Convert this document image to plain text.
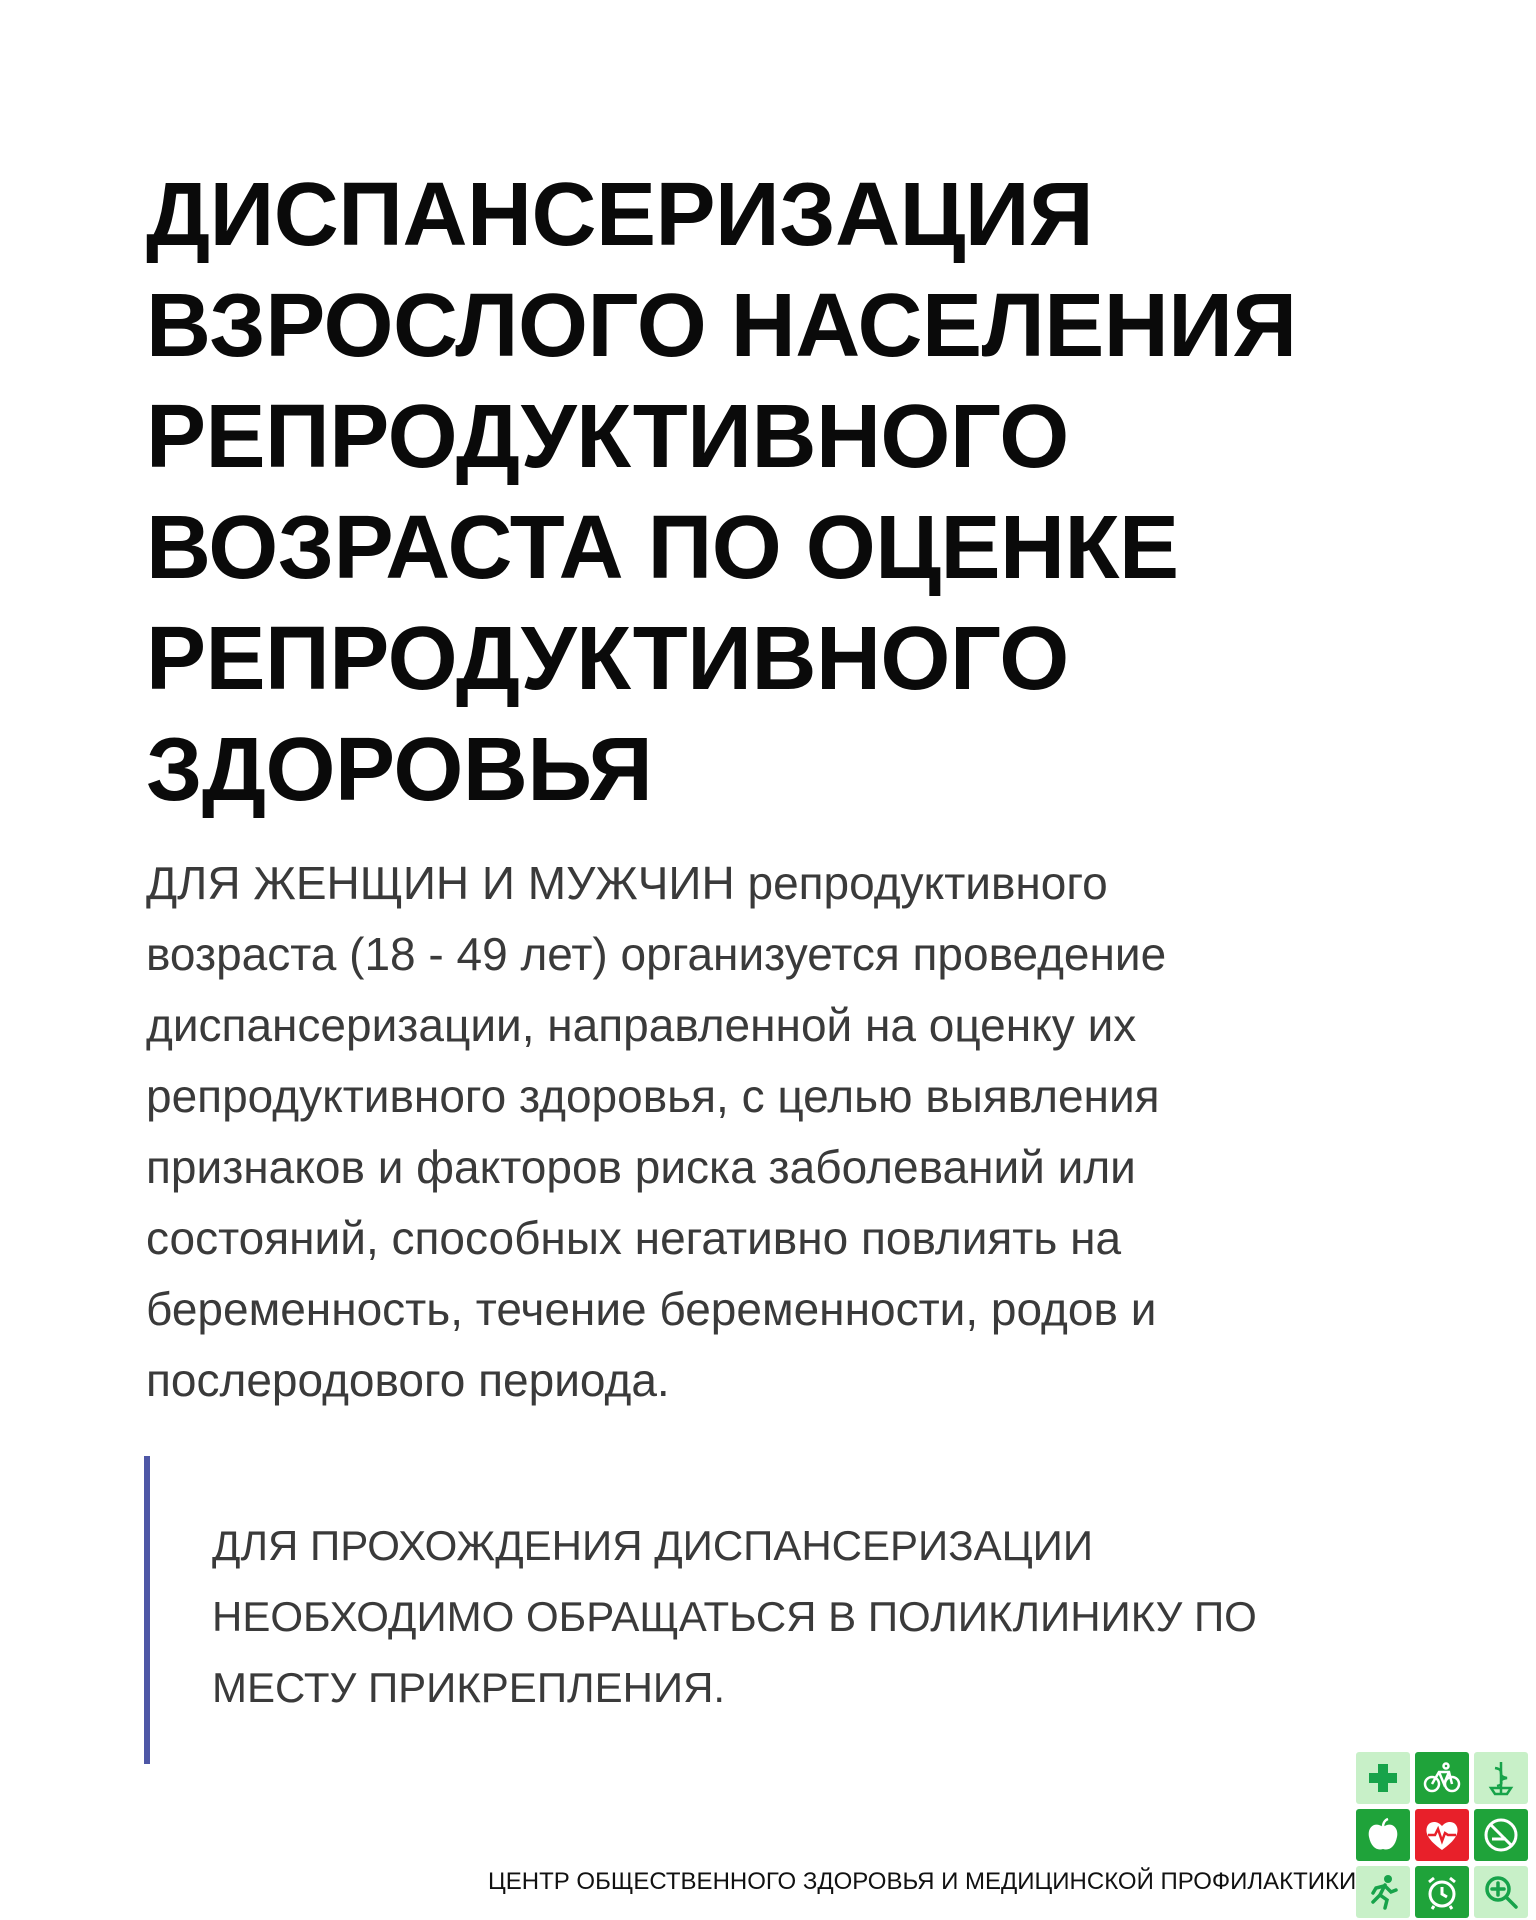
ДИСПАНСЕРИЗАЦИЯ
ВЗРОСЛОГО НАСЕЛЕНИЯ
РЕПРОДУКТИВНОГО
ВОЗРАСТА ПО ОЦЕНКЕ
РЕПРОДУКТИВНОГО
ЗДОРОВЬЯ

ДЛЯ ЖЕНЩИН И МУЖЧИН репродуктивного
возраста (18 - 49 лет) организуется проведение
диспансеризации, направленной на оценку их
репродуктивного здоровья, с целью выявления
признаков и факторов риска заболеваний или
состояний, способных негативно повлиять на
беременность, течение беременности, родов и
послеродового периода.

ДЛЯ ПРОХОЖДЕНИЯ ДИСПАНСЕРИЗАЦИИ
НЕОБХОДИМО ОБРАЩАТЬСЯ В ПОЛИКЛИНИКУ ПО
МЕСТУ ПРИКРЕПЛЕНИЯ.

ЦЕНТР ОБЩЕСТВЕННОГО ЗДОРОВЬЯ И МЕДИЦИНСКОЙ ПРОФИЛАКТИКИ
